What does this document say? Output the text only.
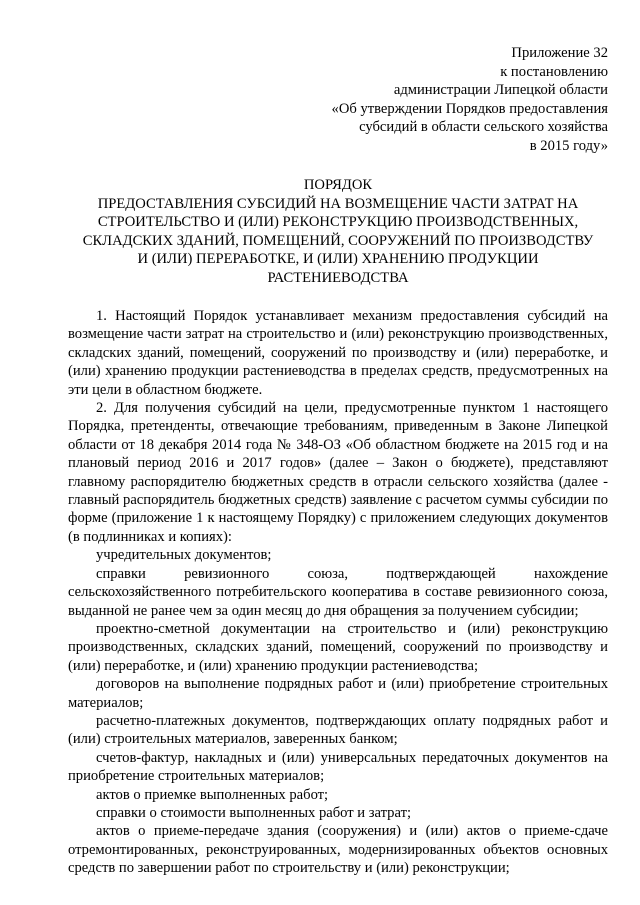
Приложение 32
к постановлению
администрации Липецкой области
«Об утверждении Порядков предоставления
субсидий в области сельского хозяйства
в 2015 году»
ПОРЯДОК
ПРЕДОСТАВЛЕНИЯ СУБСИДИЙ НА ВОЗМЕЩЕНИЕ ЧАСТИ ЗАТРАТ НА
СТРОИТЕЛЬСТВО И (ИЛИ) РЕКОНСТРУКЦИЮ ПРОИЗВОДСТВЕННЫХ,
СКЛАДСКИХ ЗДАНИЙ, ПОМЕЩЕНИЙ, СООРУЖЕНИЙ ПО ПРОИЗВОДСТВУ
И (ИЛИ) ПЕРЕРАБОТКЕ, И (ИЛИ) ХРАНЕНИЮ ПРОДУКЦИИ
РАСТЕНИЕВОДСТВА

1. Настоящий Порядок устанавливает механизм предоставления субсидий на возмещение части затрат на строительство и (или) реконструкцию производственных, складских зданий, помещений, сооружений по производству и (или) переработке, и (или) хранению продукции растениеводства в пределах средств, предусмотренных на эти цели в областном бюджете.

2. Для получения субсидий на цели, предусмотренные пунктом 1 настоящего Порядка, претенденты, отвечающие требованиям, приведенным в Законе Липецкой области от 18 декабря 2014 года № 348-ОЗ «Об областном бюджете на 2015 год и на плановый период 2016 и 2017 годов» (далее – Закон о бюджете), представляют главному распорядителю бюджетных средств в отрасли сельского хозяйства (далее - главный распорядитель бюджетных средств) заявление с расчетом суммы субсидии по форме (приложение 1 к настоящему Порядку) с приложением следующих документов (в подлинниках и копиях):

учредительных документов;

справки ревизионного союза, подтверждающей нахождение сельскохозяйственного потребительского кооператива в составе ревизионного союза, выданной не ранее чем за один месяц до дня обращения за получением субсидии;

проектно-сметной документации на строительство и (или) реконструкцию производственных, складских зданий, помещений, сооружений по производству и (или) переработке, и (или) хранению продукции растениеводства;

договоров на выполнение подрядных работ и (или) приобретение строительных материалов;

расчетно-платежных документов, подтверждающих оплату подрядных работ и (или) строительных материалов, заверенных банком;

счетов-фактур, накладных и (или) универсальных передаточных документов на приобретение строительных материалов;

актов о приемке выполненных работ;

справки о стоимости выполненных работ и затрат;

актов о приеме-передаче здания (сооружения) и (или) актов о приеме-сдаче отремонтированных, реконструированных, модернизированных объектов основных средств по завершении работ по строительству и (или) реконструкции;
